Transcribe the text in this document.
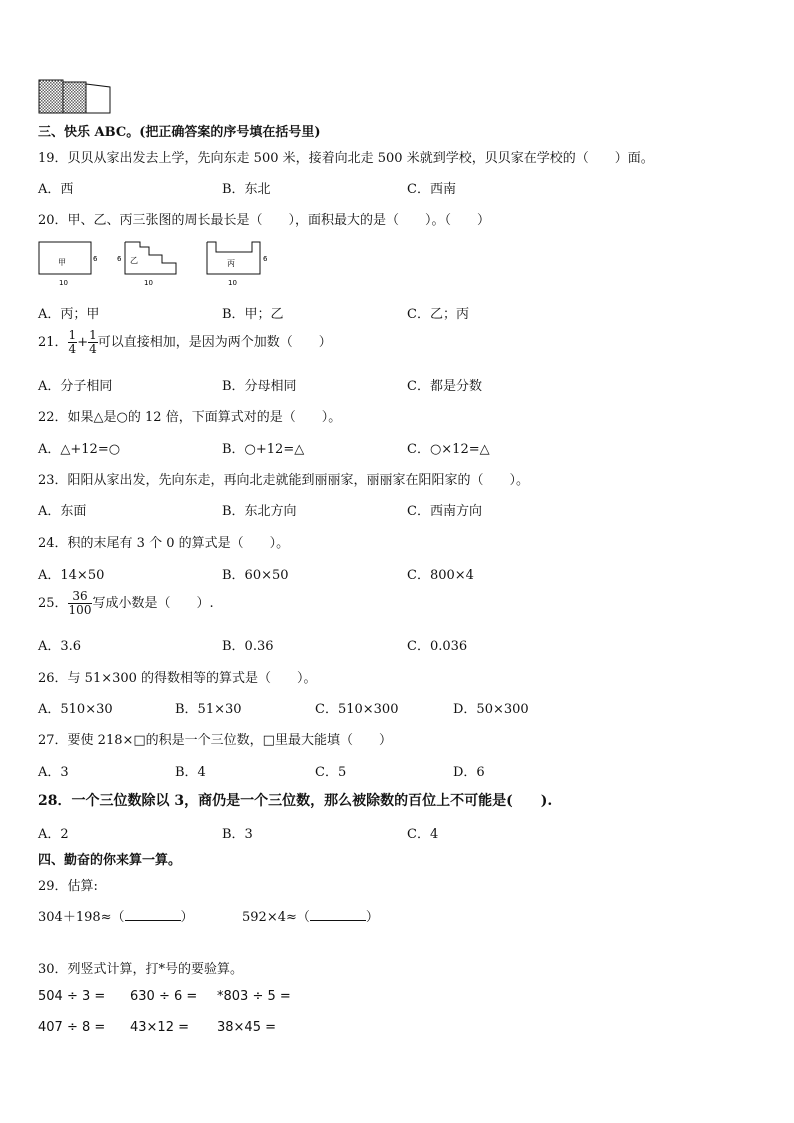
三、快乐 ABC。(把正确答案的序号填在括号里)
19．贝贝从家出发去上学，先向东走 500 米，接着向北走 500 米就到学校，贝贝家在学校的（　　）面。
A．西	B．东北	C．西南
20．甲、乙、丙三张图的周长最长是（　　），面积最大的是（　　）。（　　）
甲	6
10
乙
6
10
丙	6
10
A．丙；甲	B．甲；乙	C．乙；丙
21． $\frac{1}{4} + \frac{1}{4}$ 可以直接相加，是因为两个加数（　　）
A．分子相同	B．分母相同	C．都是分数
22．如果△是○的 12 倍，下面算式对的是（　　）。
A．△+12=○	B．○+12=△	C．○×12=△
23．阳阳从家出发，先向东走，再向北走就能到丽丽家，丽丽家在阳阳家的（　　）。
A．东面	B．东北方向	C．西南方向
24．积的末尾有 3 个 0 的算式是（　　）。
A．14×50	B．60×50	C．800×4
25． $\frac{36}{100}$ 写成小数是（　　）.
A．3.6	B．0.36	C．0.036
26．与 51×300 的得数相等的算式是（　　）。
A．510×30	B．51×30	C．510×300	D．50×300
27．要使 218×□的积是一个三位数，□里最大能填（　　）
A．3	B．4	C．5	D．6
28．一个三位数除以 3，商仍是一个三位数，那么被除数的百位上不可能是(　　).
A．2	B．3	C．4
四、勤奋的你来算一算。
29．估算:
304＋198≈（	）	592×4≈（	）
30．列竖式计算，打*号的要验算。
504 ÷ 3 = 630 ÷ 6 = *803 ÷ 5 =
407 ÷ 8 = 43×12 = 38×45 =
